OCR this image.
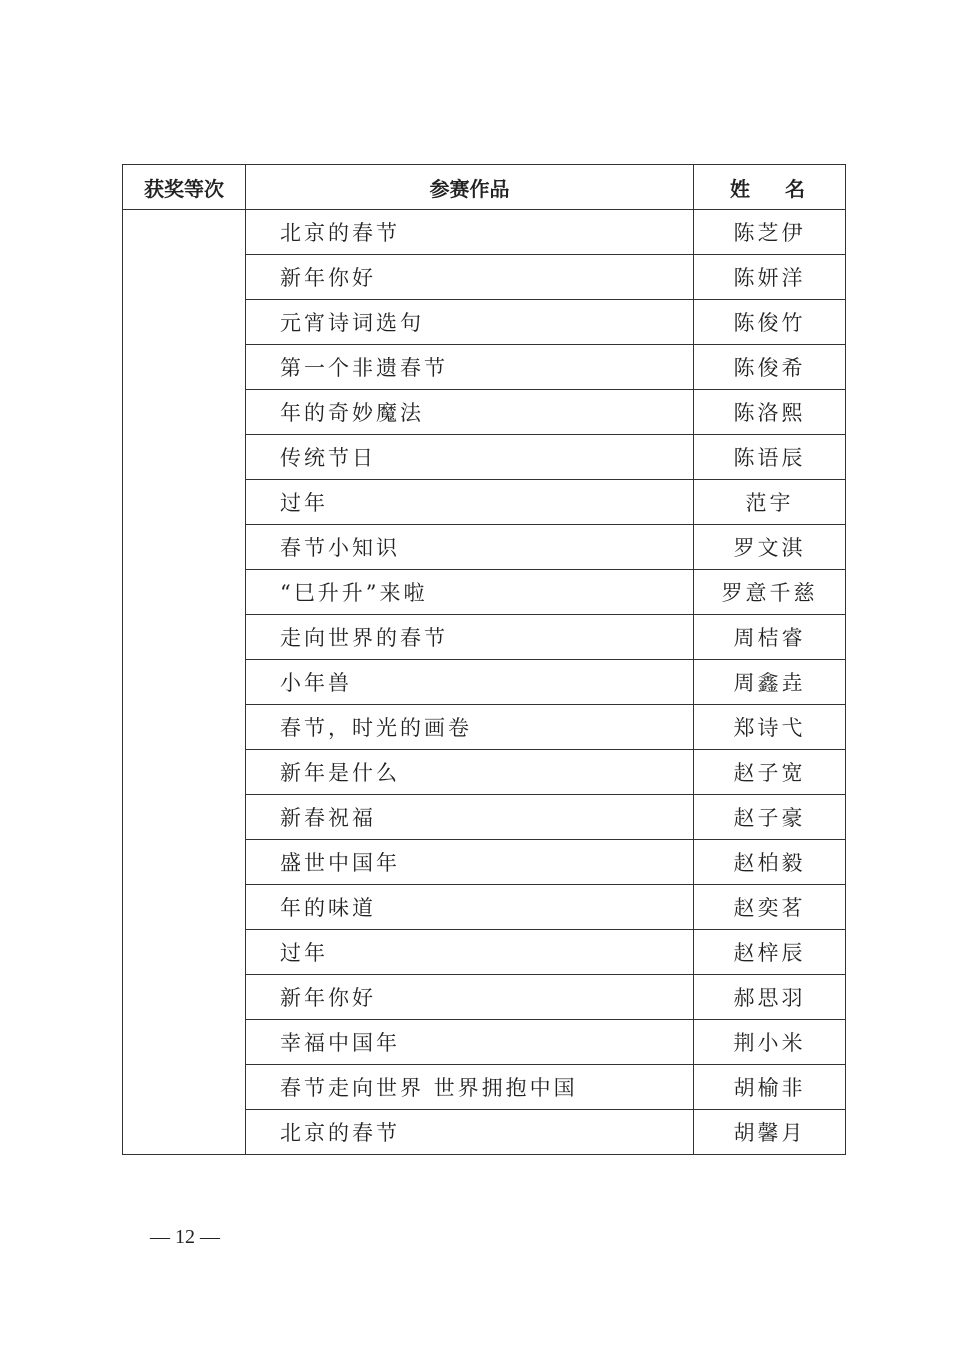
获奖等次	参赛作品	姓 名
	北京的春节	陈芝伊
	新年你好	陈妍洋
	元宵诗词选句	陈俊竹
	第一个非遗春节	陈俊希
	年的奇妙魔法	陈洛熙
	传统节日	陈语辰
	过年	范宇
	春节小知识	罗文淇
	“巳升升”来啦	罗意千慈
	走向世界的春节	周桔睿
	小年兽	周鑫垚
	春节，时光的画卷	郑诗弋
	新年是什么	赵子宽
	新春祝福	赵子豪
	盛世中国年	赵柏毅
	年的味道	赵奕茗
	过年	赵梓辰
	新年你好	郝思羽
	幸福中国年	荆小米
	春节走向世界 世界拥抱中国	胡榆非
	北京的春节	胡馨月
— 12 —
